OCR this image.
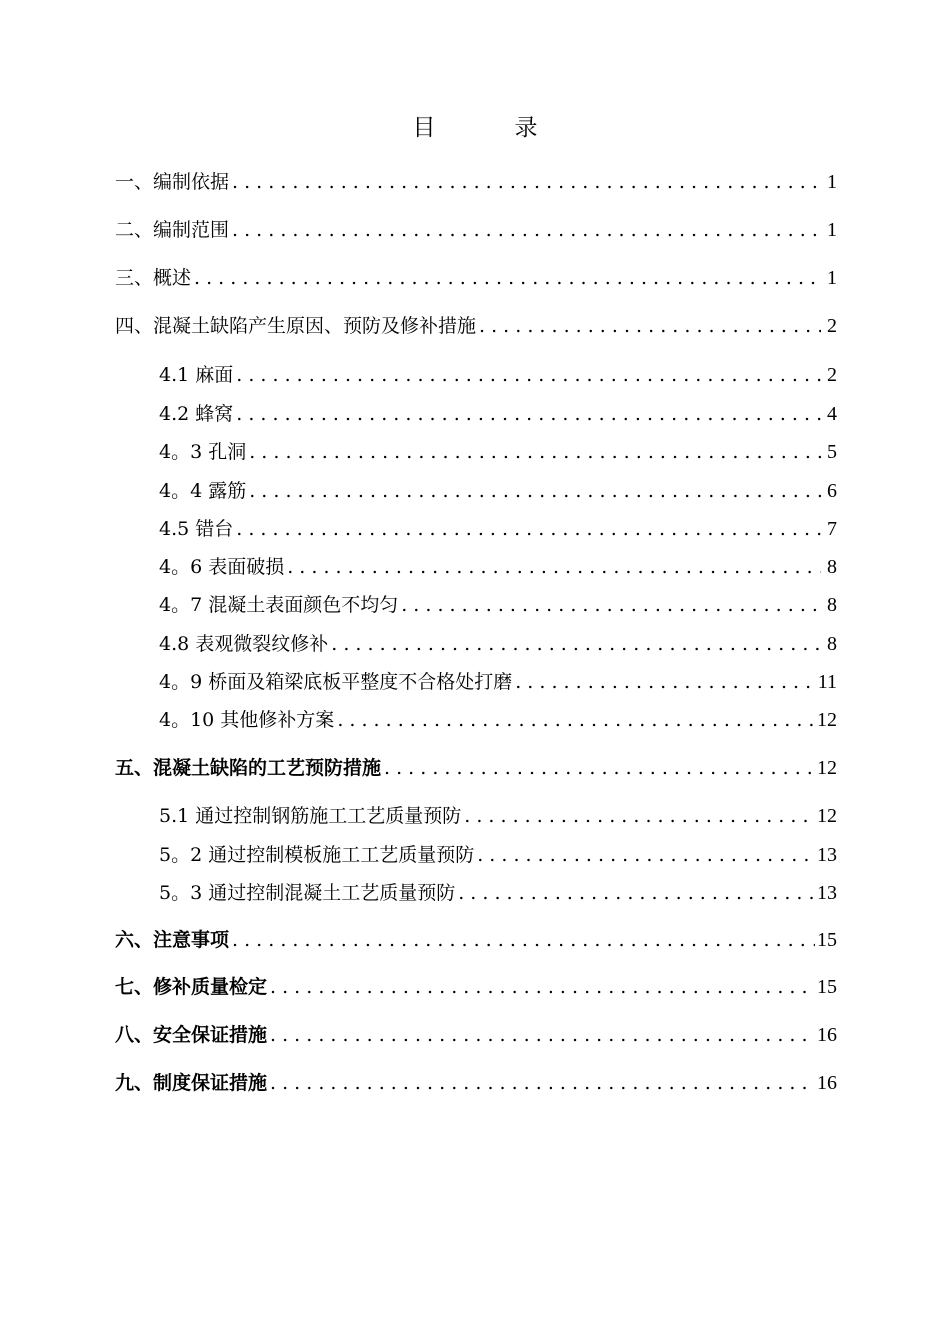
目　录
一、编制依据 . . .	1
二、编制范围 . . .	1
三、概述 . . .	1
四、混凝土缺陷产生原因、预防及修补措施 . . .	2
4.1 麻面 . . .	2
4.2 蜂窝 . . .	4
4。3 孔洞 . . .	5
4。4 露筋 . . .	6
4.5 错台 . . .	7
4。6 表面破损 . . .	8
4。7 混凝土表面颜色不均匀 . . .	8
4.8 表观微裂纹修补 . . .	8
4。9 桥面及箱梁底板平整度不合格处打磨 . . .	11
4。10 其他修补方案 . . .	12
五、混凝土缺陷的工艺预防措施 . . .	12
5.1 通过控制钢筋施工工艺质量预防 . . .	12
5。2 通过控制模板施工工艺质量预防 . . .	13
5。3 通过控制混凝土工艺质量预防 . . .	13
六、注意事项 . . .	15
七、修补质量检定 . . .	15
八、安全保证措施 . . .	16
九、制度保证措施 . . .	16
